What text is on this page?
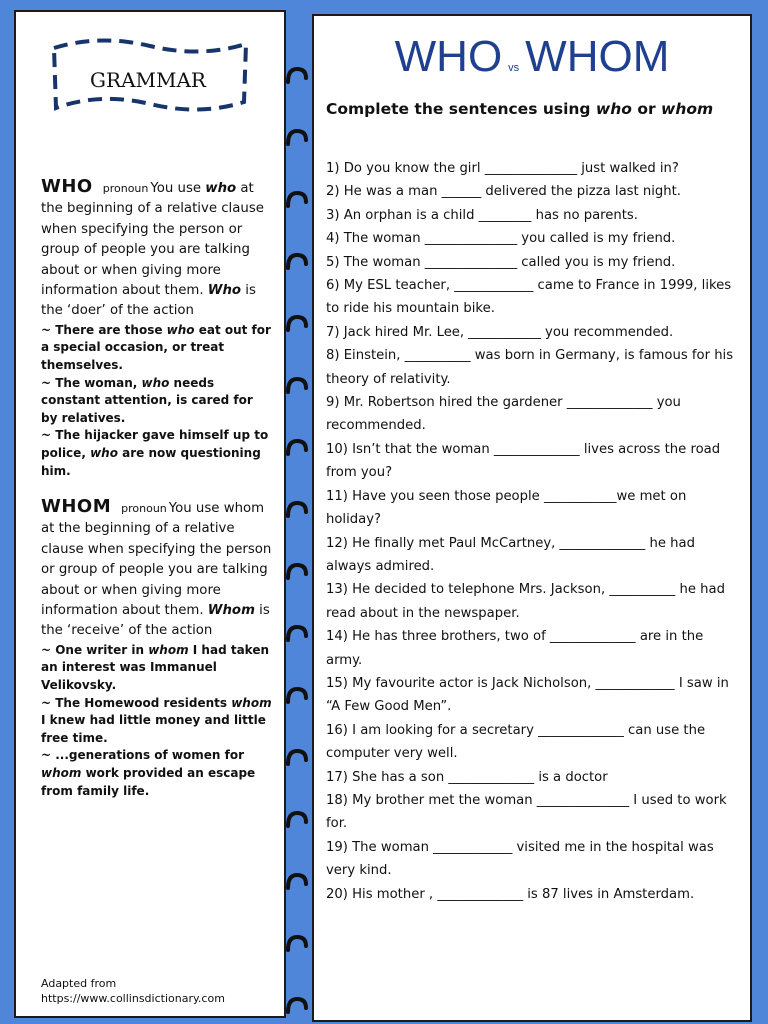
GRAMMAR

WHO pronoun You use who at the beginning of a relative clause when specifying the person or group of people you are talking about or when giving more information about them. Who is the ‘doer’ of the action

~ There are those who eat out for a special occasion, or treat themselves.

~ The woman, who needs constant attention, is cared for by relatives.

~ The hijacker gave himself up to police, who are now questioning him.

WHOM pronoun You use whom at the beginning of a relative clause when specifying the person or group of people you are talking about or when giving more information about them. Whom is the ‘receive’ of the action

~ One writer in whom I had taken an interest was Immanuel Velikovsky.

~ The Homewood residents whom I knew had little money and little free time.

~ ...generations of women for whom work provided an escape from family life.

Adapted from
https://www.collinsdictionary.com
WHO vs WHOM
Complete the sentences using who or whom
1) Do you know the girl ______________ just walked in?
2) He was a man ______ delivered the pizza last night.
3) An orphan is a child ________ has no parents.
4) The woman ______________ you called is my friend.
5) The woman ______________ called you is my friend.
6) My ESL teacher, ____________ came to France in 1999, likes to ride his mountain bike.
7) Jack hired Mr. Lee, ___________ you recommended.
8) Einstein, __________ was born in Germany, is famous for his theory of relativity.
9) Mr. Robertson hired the gardener _____________ you recommended.
10) Isn’t that the woman _____________ lives across the road from you?
11) Have you seen those people ___________we met on holiday?
12) He finally met Paul McCartney, _____________ he had always admired.
13) He decided to telephone Mrs. Jackson, __________ he had read about in the newspaper.
14) He has three brothers, two of _____________ are in the army.
15) My favourite actor is Jack Nicholson, ____________ I saw in “A Few Good Men”.
16) I am looking for a secretary _____________ can use the computer very well.
17) She has a son _____________ is a doctor
18) My brother met the woman ______________ I used to work for.
19) The woman ____________ visited me in the hospital was very kind.
20) His mother , _____________ is 87 lives in Amsterdam.
